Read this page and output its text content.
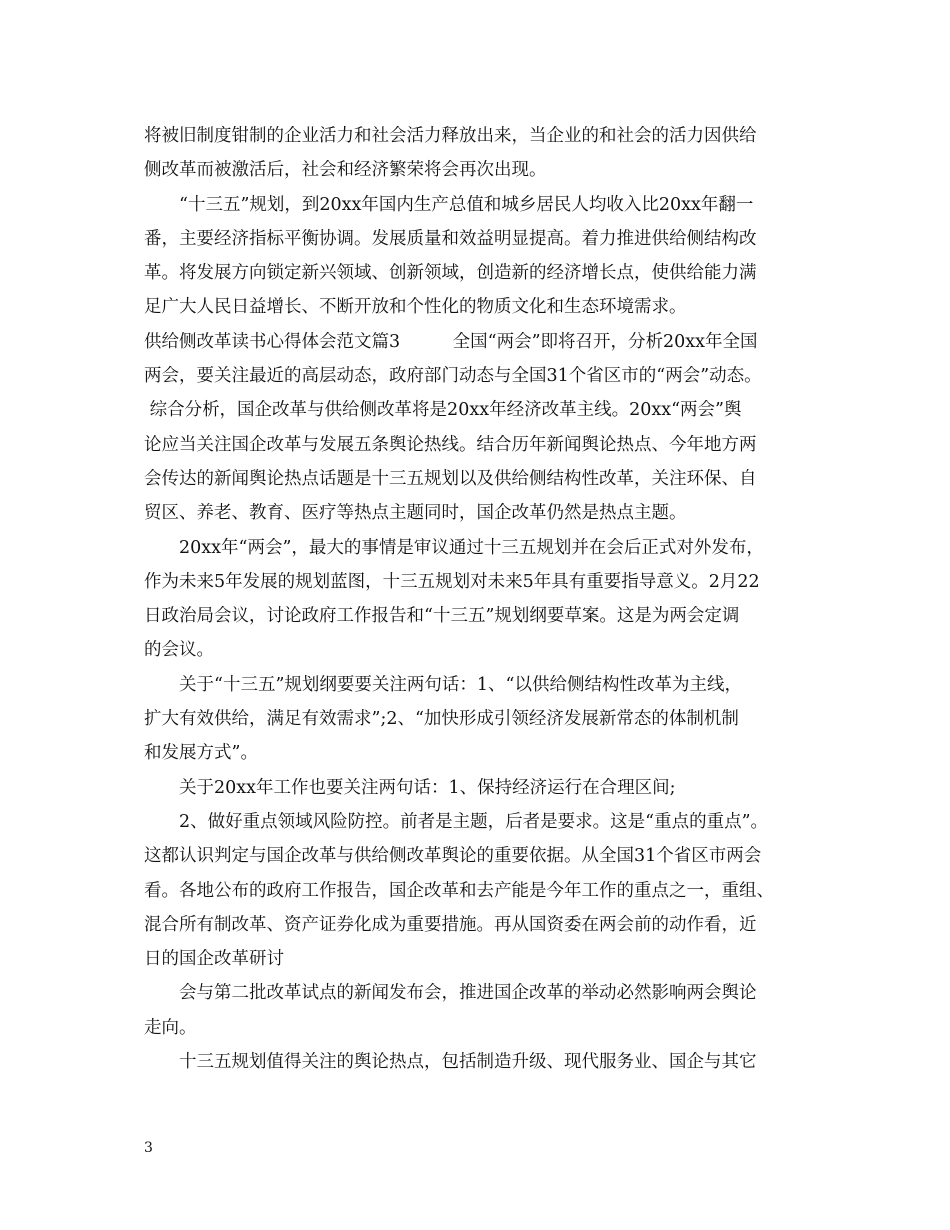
将被旧制度钳制的企业活力和社会活力释放出来，当企业的和社会的活力因供给
侧改革而被激活后，社会和经济繁荣将会再次出现。
　　“十三五”规划，到20xx年国内生产总值和城乡居民人均收入比20xx年翻一
番，主要经济指标平衡协调。发展质量和效益明显提高。着力推进供给侧结构改
革。将发展方向锁定新兴领域、创新领域，创造新的经济增长点，使供给能力满
足广大人民日益增长、不断开放和个性化的物质文化和生态环境需求。
供给侧改革读书心得体会范文篇3　　　全国“两会”即将召开，分析20xx年全国
两会，要关注最近的高层动态，政府部门动态与全国31个省区市的“两会”动态。
综合分析，国企改革与供给侧改革将是20xx年经济改革主线。20xx“两会”舆
论应当关注国企改革与发展五条舆论热线。结合历年新闻舆论热点、今年地方两
会传达的新闻舆论热点话题是十三五规划以及供给侧结构性改革，关注环保、自
贸区、养老、教育、医疗等热点主题同时，国企改革仍然是热点主题。
　　20xx年“两会”，最大的事情是审议通过十三五规划并在会后正式对外发布，
作为未来5年发展的规划蓝图，十三五规划对未来5年具有重要指导意义。2月22
日政治局会议，讨论政府工作报告和“十三五”规划纲要草案。这是为两会定调
的会议。
　　关于“十三五”规划纲要要关注两句话：1、“以供给侧结构性改革为主线，
扩大有效供给，满足有效需求”;2、“加快形成引领经济发展新常态的体制机制
和发展方式”。
　　关于20xx年工作也要关注两句话：1、保持经济运行在合理区间;
　　2、做好重点领域风险防控。前者是主题，后者是要求。这是“重点的重点”。
这都认识判定与国企改革与供给侧改革舆论的重要依据。从全国31个省区市两会
看。各地公布的政府工作报告，国企改革和去产能是今年工作的重点之一，重组、
混合所有制改革、资产证券化成为重要措施。再从国资委在两会前的动作看，近
日的国企改革研讨
　　会与第二批改革试点的新闻发布会，推进国企改革的举动必然影响两会舆论
走向。
　　十三五规划值得关注的舆论热点，包括制造升级、现代服务业、国企与其它
3
